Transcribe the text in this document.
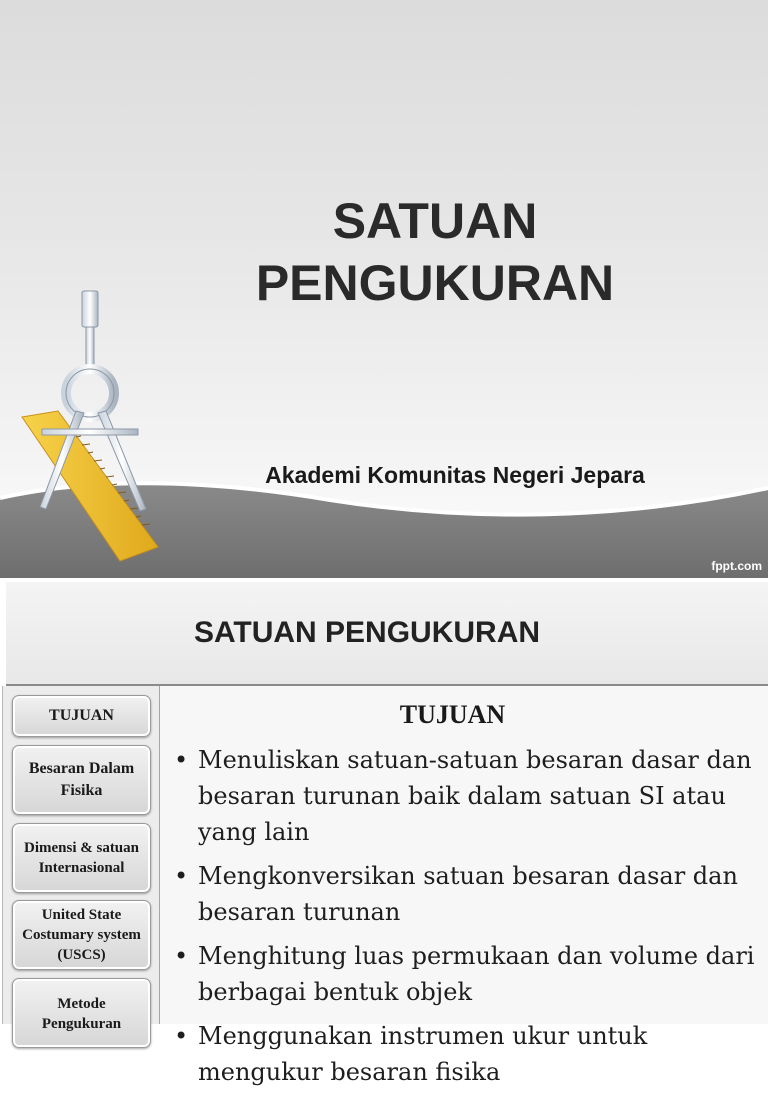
SATUAN
PENGUKURAN
Akademi Komunitas Negeri Jepara
fppt.com
SATUAN PENGUKURAN
TUJUAN
Besaran Dalam Fisika
Dimensi & satuan Internasional
United State Costumary system (USCS)
Metode Pengukuran
TUJUAN
• Menuliskan satuan-satuan besaran dasar dan besaran turunan baik dalam satuan SI atau yang lain
• Mengkonversikan satuan besaran dasar dan besaran turunan
• Menghitung luas permukaan dan volume dari berbagai bentuk objek
• Menggunakan instrumen ukur untuk mengukur besaran fisika
